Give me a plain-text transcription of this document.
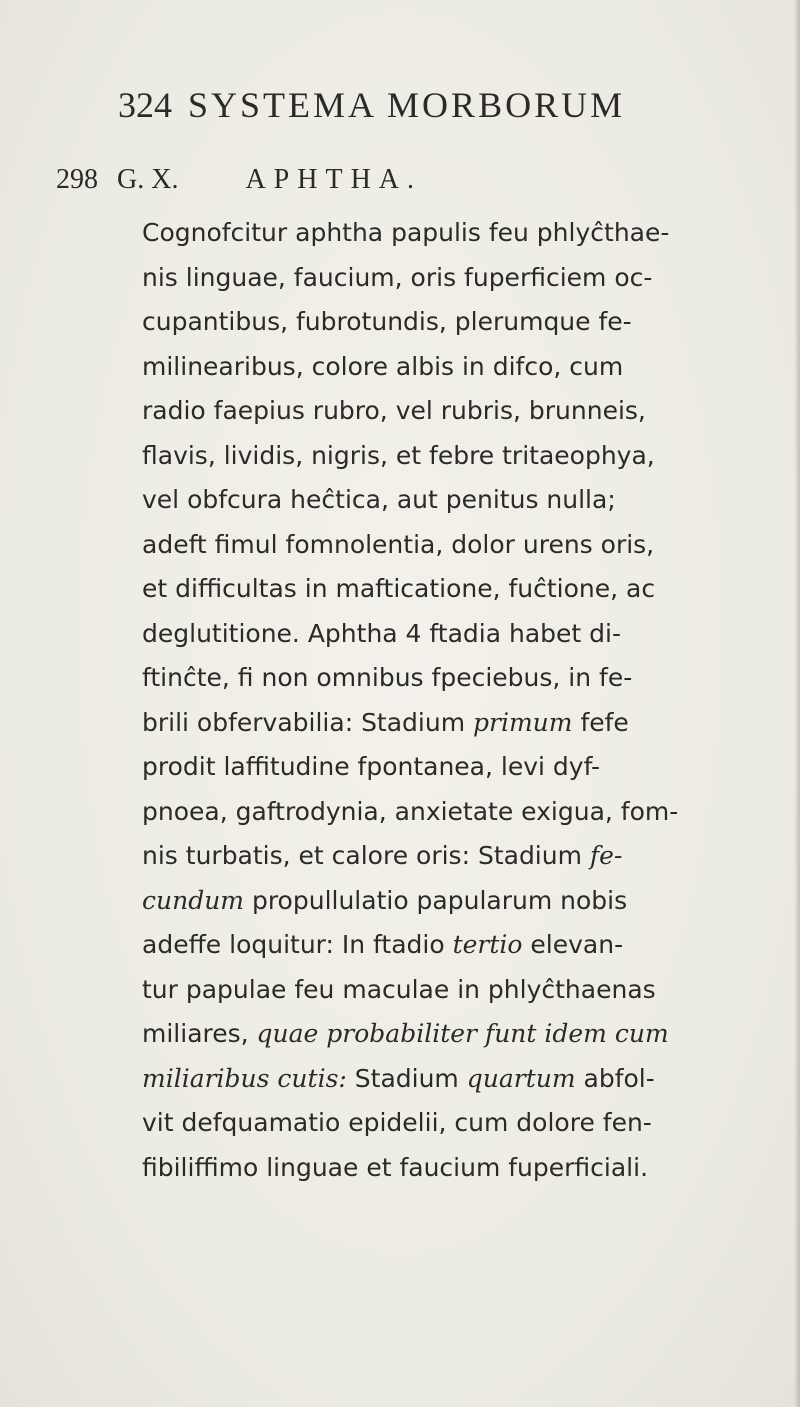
324 SYSTEMA MORBORUM
298 G. X. APHTHA.
Cognofcitur aphtha papulis feu phlyĉthae-
nis linguae, faucium, oris fuperficiem oc-
cupantibus, fubrotundis, plerumque fe-
milinearibus, colore albis in difco, cum
radio faepius rubro, vel rubris, brunneis,
flavis, lividis, nigris, et febre tritaeophya,
vel obfcura heĉtica, aut penitus nulla;
adeft fimul fomnolentia, dolor urens oris,
et difficultas in mafticatione, fuĉtione, ac
deglutitione. Aphtha 4 ftadia habet di-
ftinĉte, fi non omnibus fpeciebus, in fe-
brili obfervabilia: Stadium primum fefe
prodit laffitudine fpontanea, levi dyf-
pnoea, gaftrodynia, anxietate exigua, fom-
nis turbatis, et calore oris: Stadium fe-
cundum propullulatio papularum nobis
adeffe loquitur: In ftadio tertio elevan-
tur papulae feu maculae in phlyĉthaenas
miliares, quae probabiliter funt idem cum
miliaribus cutis: Stadium quartum abfol-
vit defquamatio epidelii, cum dolore fen-
fibiliffimo linguae et faucium fuperficiali.
